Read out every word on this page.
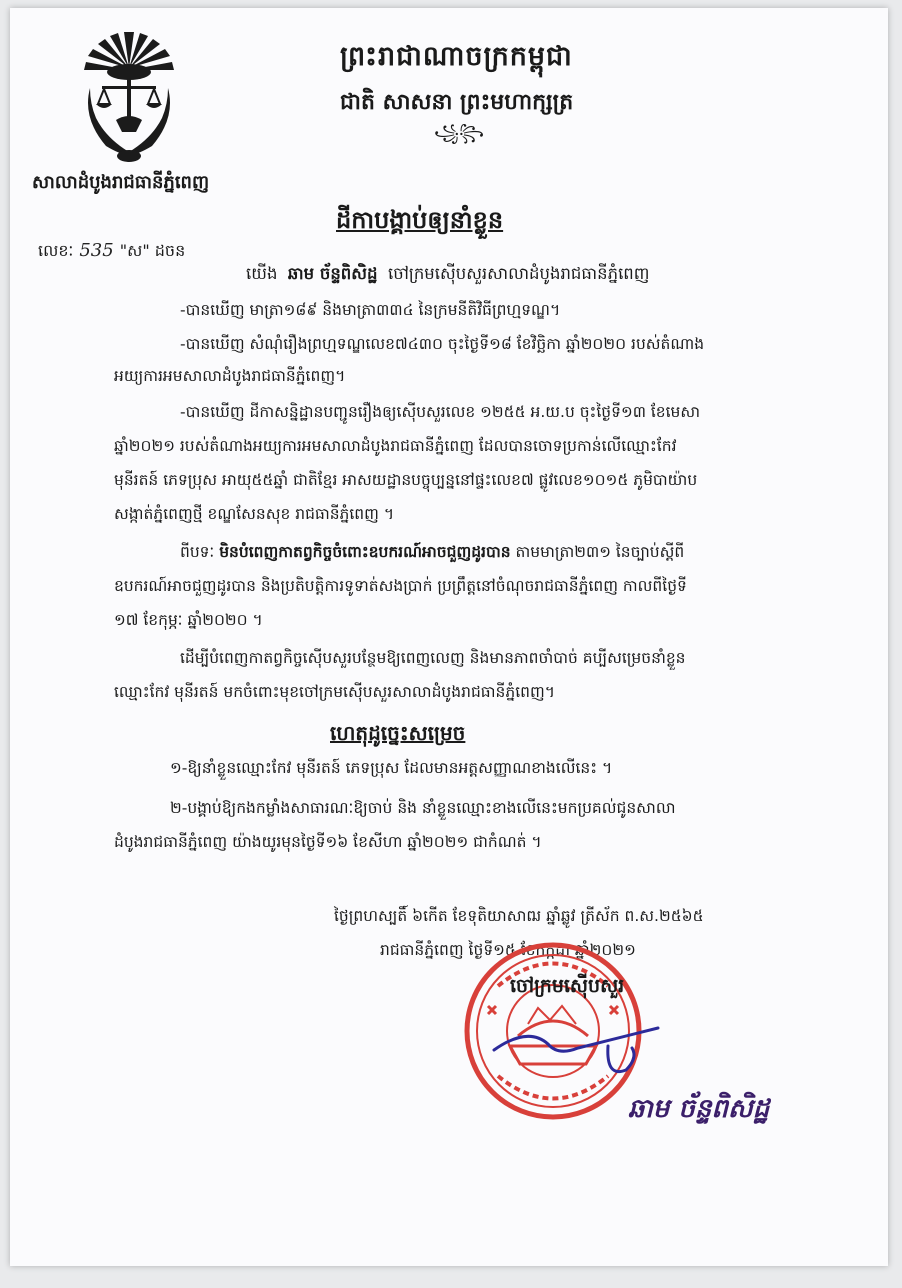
សាលាដំបូងរាជធានីភ្នំពេញ
ព្រះរាជាណាចក្រកម្ពុជា
ជាតិ សាសនា ព្រះមហាក្សត្រ
꧁꧂
ដីកាបង្គាប់ឲ្យនាំខ្លួន
លេខៈ 535 "ស" ដចន
យើង ឆាម ច័ន្ទពិសិដ្ឋ ចៅក្រមស៊ើបសួរសាលាដំបូងរាជធានីភ្នំពេញ
-បានឃើញ មាត្រា១៨៩ និងមាត្រា៣៣៤ នៃក្រមនីតិវិធីព្រហ្មទណ្ឌ។
-បានឃើញ សំណុំរឿងព្រហ្មទណ្ឌលេខ៧៤៣០ ចុះថ្ងៃទី១៨ ខែវិច្ឆិកា ឆ្នាំ២០២០ របស់តំណាង
អយ្យការអមសាលាដំបូងរាជធានីភ្នំពេញ។
-បានឃើញ ដីកាសន្និដ្ឋានបញ្ជូនរឿងឲ្យស៊ើបសួរលេខ ១២៥៥ អ.យ.ប ចុះថ្ងៃទី១៣ ខែមេសា
ឆ្នាំ២០២១ របស់តំណាងអយ្យការអមសាលាដំបូងរាជធានីភ្នំពេញ ដែលបានចោទប្រកាន់លើឈ្មោះកែវ
មុនីរតន៍ ភេទប្រុស អាយុ៥៥ឆ្នាំ ជាតិខ្មែរ អាសយដ្ឋានបច្ចុប្បន្ននៅផ្ទះលេខ៧ ផ្លូវលេខ១០១៥ ភូមិបាយ៉ាប
សង្កាត់ភ្នំពេញថ្មី ខណ្ឌសែនសុខ រាជធានីភ្នំពេញ ។
ពីបទៈ មិនបំពេញកាតព្វកិច្ចចំពោះឧបករណ៍អាចជួញដូរបាន តាមមាត្រា២៣១ នៃច្បាប់ស្តីពី
ឧបករណ៍អាចជួញដូរបាន និងប្រតិបត្តិការទូទាត់សងប្រាក់ ប្រព្រឹត្តនៅចំណុចរាជធានីភ្នំពេញ កាលពីថ្ងៃទី
១៧ ខែកុម្ភៈ ឆ្នាំ២០២០ ។
ដើម្បីបំពេញកាតព្វកិច្ចស៊ើបសួរបន្ថែមឱ្យពេញលេញ និងមានភាពចាំបាច់ គប្បីសម្រេចនាំខ្លួន
ឈ្មោះកែវ មុនីរតន៍ មកចំពោះមុខចៅក្រមស៊ើបសួរសាលាដំបូងរាជធានីភ្នំពេញ។
ហេតុដូច្នេះសម្រេច
១-ឱ្យនាំខ្លួនឈ្មោះកែវ មុនីរតន៍ ភេទប្រុស ដែលមានអត្តសញ្ញាណខាងលើនេះ ។
២-បង្គាប់ឱ្យកងកម្លាំងសាធារណៈឱ្យចាប់ និង នាំខ្លួនឈ្មោះខាងលើនេះមកប្រគល់ជូនសាលា
ដំបូងរាជធានីភ្នំពេញ យ៉ាងយូរមុនថ្ងៃទី១៦ ខែសីហា ឆ្នាំ២០២១ ជាកំណត់ ។
ថ្ងៃព្រហស្បតិ៍ ៦កើត ខែទុតិយាសាឍ ឆ្នាំឆ្លូវ ត្រីស័ក ព.ស.២៥៦៥
រាជធានីភ្នំពេញ ថ្ងៃទី១៥ ខែកក្កដា ឆ្នាំ២០២១
ចៅក្រមស៊ើបសួរ
ឆាម ច័ន្ទពិសិដ្ឋ
